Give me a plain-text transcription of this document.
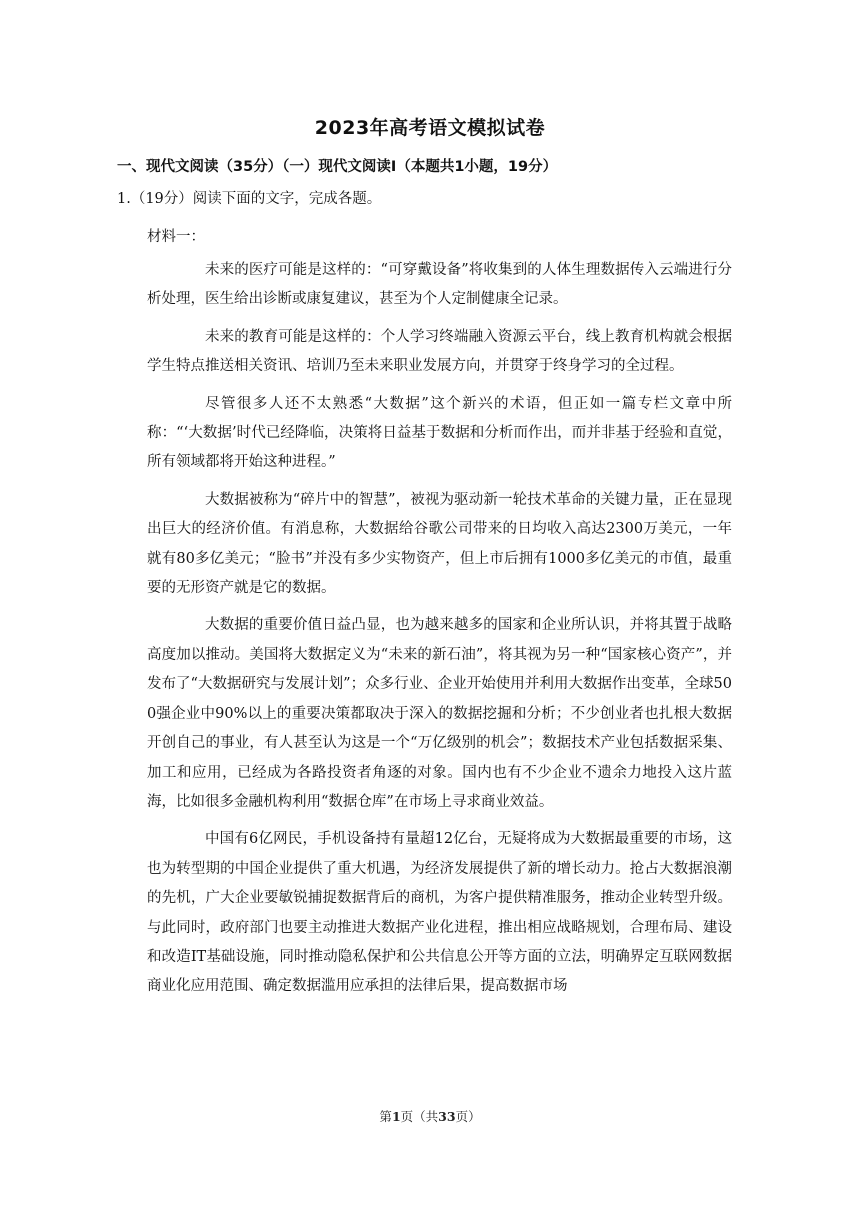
2023年高考语文模拟试卷
一、现代文阅读（35分）（一）现代文阅读Ⅰ（本题共1小题，19分）
1.（19分）阅读下面的文字，完成各题。
材料一：

未来的医疗可能是这样的：“可穿戴设备”将收集到的人体生理数据传入云端进行分析处理，医生给出诊断或康复建议，甚至为个人定制健康全记录。

未来的教育可能是这样的：个人学习终端融入资源云平台，线上教育机构就会根据学生特点推送相关资讯、培训乃至未来职业发展方向，并贯穿于终身学习的全过程。

尽管很多人还不太熟悉“大数据”这个新兴的术语，但正如一篇专栏文章中所称：“‘大数据’时代已经降临，决策将日益基于数据和分析而作出，而并非基于经验和直觉，所有领域都将开始这种进程。”

大数据被称为“碎片中的智慧”，被视为驱动新一轮技术革命的关键力量，正在显现出巨大的经济价值。有消息称，大数据给谷歌公司带来的日均收入高达2300万美元，一年就有80多亿美元；“脸书”并没有多少实物资产，但上市后拥有1000多亿美元的市值，最重要的无形资产就是它的数据。

大数据的重要价值日益凸显，也为越来越多的国家和企业所认识，并将其置于战略高度加以推动。美国将大数据定义为“未来的新石油”，将其视为另一种“国家核心资产”，并发布了“大数据研究与发展计划”；众多行业、企业开始使用并利用大数据作出变革，全球500强企业中90%以上的重要决策都取决于深入的数据挖掘和分析；不少创业者也扎根大数据开创自己的事业，有人甚至认为这是一个“万亿级别的机会”；数据技术产业包括数据采集、加工和应用，已经成为各路投资者角逐的对象。国内也有不少企业不遗余力地投入这片蓝海，比如很多金融机构利用“数据仓库”在市场上寻求商业效益。

中国有6亿网民，手机设备持有量超12亿台，无疑将成为大数据最重要的市场，这也为转型期的中国企业提供了重大机遇，为经济发展提供了新的增长动力。抢占大数据浪潮的先机，广大企业要敏锐捕捉数据背后的商机，为客户提供精准服务，推动企业转型升级。与此同时，政府部门也要主动推进大数据产业化进程，推出相应战略规划，合理布局、建设和改造IT基础设施，同时推动隐私保护和公共信息公开等方面的立法，明确界定互联网数据商业化应用范围、确定数据滥用应承担的法律后果，提高数据市场

第1页（共33页）
